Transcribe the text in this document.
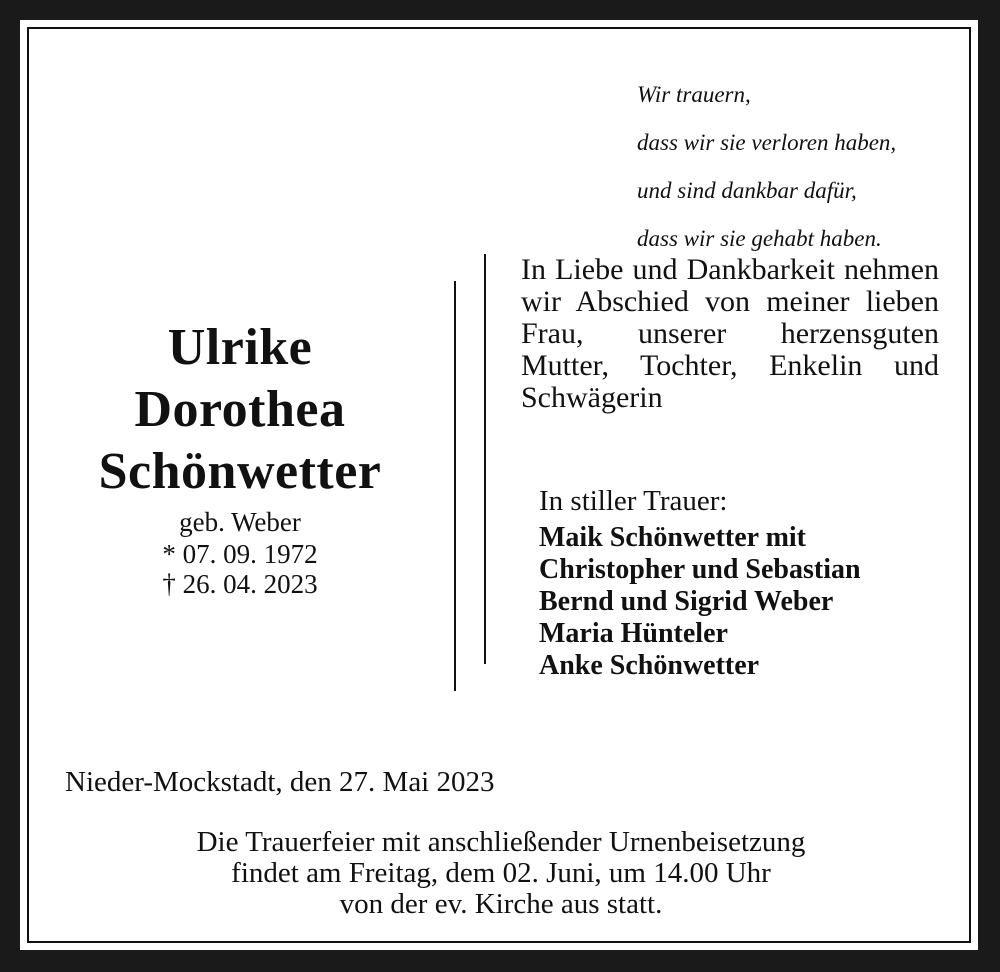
Wir trauern,

dass wir sie verloren haben,

und sind dankbar dafür,

dass wir sie gehabt haben.

Ulrike
Dorothea
Schönwetter
geb. Weber
* 07. 09. 1972
† 26. 04. 2023
In Liebe und Dankbarkeit nehmen wir Abschied von meiner lieben Frau, unserer herzensguten Mutter, Tochter, Enkelin und Schwägerin
In stiller Trauer:
Maik Schönwetter mit
Christopher und Sebastian
Bernd und Sigrid Weber
Maria Hünteler
Anke Schönwetter
Nieder-Mockstadt, den 27. Mai 2023
Die Trauerfeier mit anschließender Urnenbeisetzung
findet am Freitag, dem 02. Juni, um 14.00 Uhr
von der ev. Kirche aus statt.
